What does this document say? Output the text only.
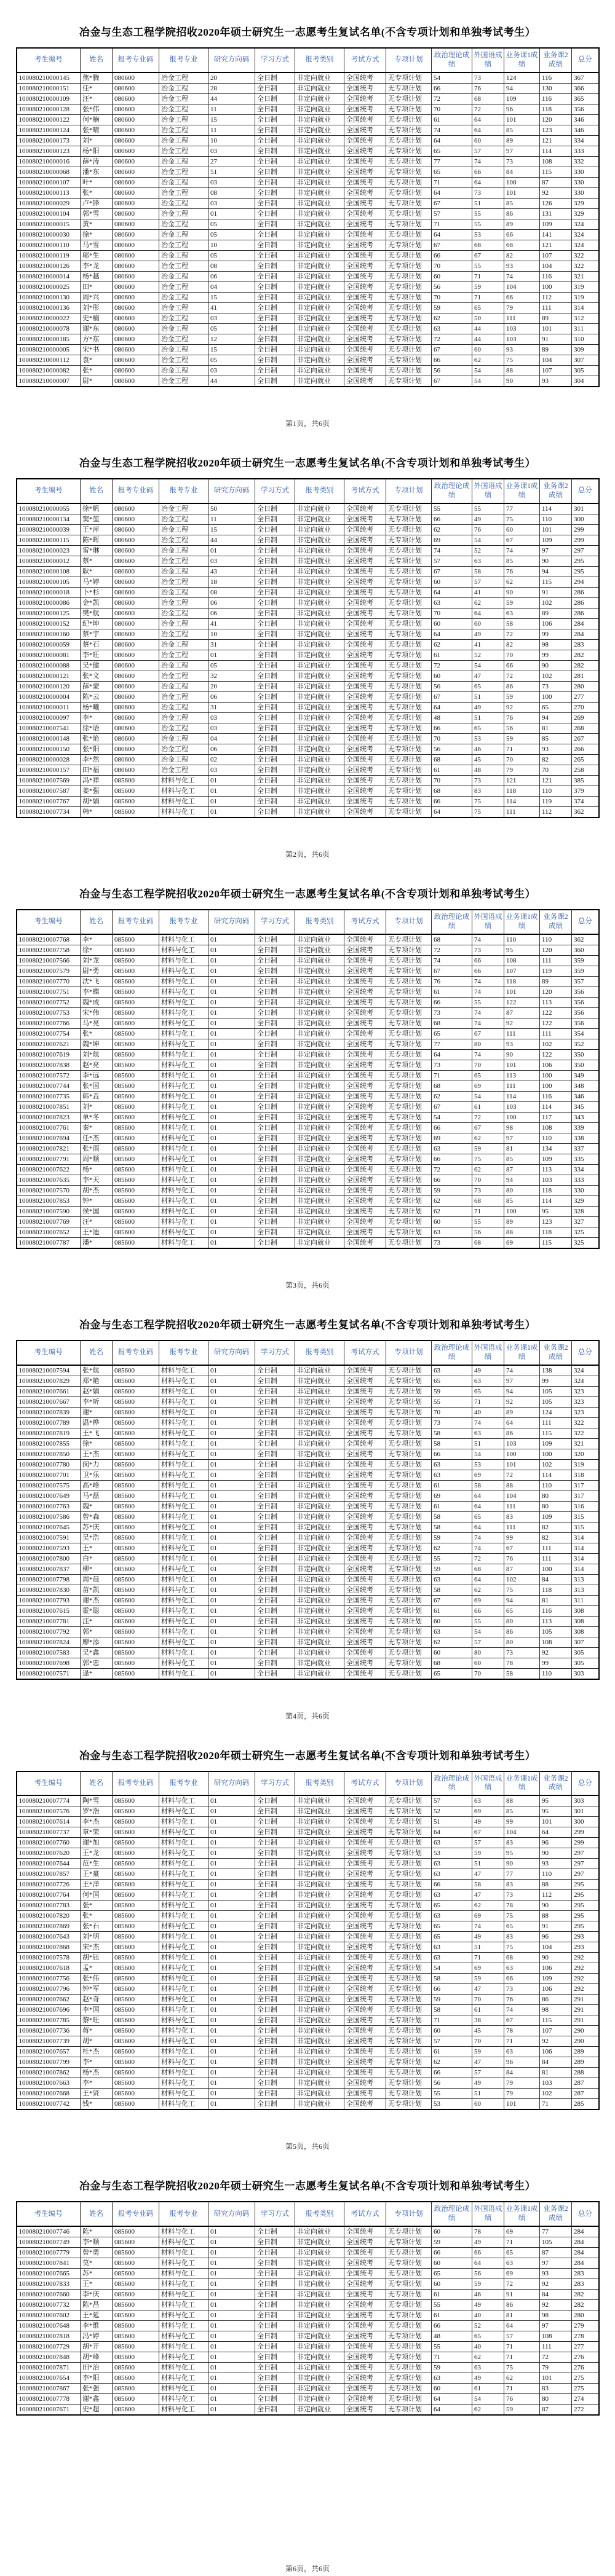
冶金与生态工程学院招收2020年硕士研究生一志愿考生复试名单(不含专项计划和单独考试考生）
考生编号	姓名	报考专业码	报考专业	研究方向码	学习方式	报考类别	考试方式	专项计划	政治理论成绩	外国语成绩	业务课1成绩	业务课2成绩	总分
100080210000145	焦*腾	080600	冶金工程	20	全日制	非定向就业	全国统考	无专项计划	54	73	124	116	367
100080210000151	任*	080600	冶金工程	28	全日制	非定向就业	全国统考	无专项计划	66	76	94	130	366
100080210000109	汪*	080600	冶金工程	44	全日制	非定向就业	全国统考	无专项计划	72	68	109	116	365
100080210000128	张*伟	080600	冶金工程	11	全日制	非定向就业	全国统考	无专项计划	70	72	96	118	356
100080210000122	何*楠	080600	冶金工程	15	全日制	非定向就业	全国统考	无专项计划	61	64	101	120	346
100080210000124	张*晴	080600	冶金工程	11	全日制	非定向就业	全国统考	无专项计划	74	64	85	123	346
100080210000173	刘*	080600	冶金工程	10	全日制	非定向就业	全国统考	无专项计划	64	60	89	121	334
100080210000123	杨*阳	080600	冶金工程	03	全日制	非定向就业	全国统考	无专项计划	65	57	97	114	333
100080210000016	薛*涛	080600	冶金工程	27	全日制	非定向就业	全国统考	无专项计划	77	74	73	108	332
100080210000068	潘*东	080600	冶金工程	51	全日制	非定向就业	全国统考	无专项计划	65	66	84	115	330
100080210000107	叶*	080600	冶金工程	03	全日制	非定向就业	全国统考	无专项计划	71	64	108	87	330
100080210000113	张*	080600	冶金工程	08	全日制	非定向就业	全国统考	无专项计划	64	73	101	92	330
100080210000029	卢*锋	080600	冶金工程	03	全日制	非定向就业	全国统考	无专项计划	67	51	85	126	329
100080210000104	郭*雪	080600	冶金工程	01	全日制	非定向就业	全国统考	无专项计划	57	55	86	131	329
100080210000015	黄*	080600	冶金工程	05	全日制	非定向就业	全国统考	无专项计划	71	55	89	109	324
100080210000030	徐*	080600	冶金工程	05	全日制	非定向就业	全国统考	无专项计划	64	53	66	141	324
100080210000110	马*雪	080600	冶金工程	10	全日制	非定向就业	全国统考	无专项计划	67	68	68	121	324
100080210000119	邬*生	080600	冶金工程	05	全日制	非定向就业	全国统考	无专项计划	66	67	82	107	322
100080210000126	李*龙	080600	冶金工程	08	全日制	非定向就业	全国统考	无专项计划	70	55	93	104	322
100080210000014	杨*越	080600	冶金工程	06	全日制	非定向就业	全国统考	无专项计划	60	71	74	116	321
100080210000025	田*	080600	冶金工程	04	全日制	非定向就业	全国统考	无专项计划	56	59	104	100	319
100080210000130	周*兴	080600	冶金工程	15	全日制	非定向就业	全国统考	无专项计划	70	71	66	112	319
100080210000136	刘*彤	080600	冶金工程	41	全日制	非定向就业	全国统考	无专项计划	59	65	79	111	314
100080210000022	史*楠	080600	冶金工程	03	全日制	非定向就业	全国统考	无专项计划	62	50	111	89	312
100080210000078	谢*东	080600	冶金工程	05	全日制	非定向就业	全国统考	无专项计划	63	44	103	101	311
100080210000185	方*东	080600	冶金工程	12	全日制	非定向就业	全国统考	无专项计划	72	44	103	91	310
100080210000005	宋*书	080600	冶金工程	15	全日制	非定向就业	全国统考	无专项计划	67	60	93	89	309
100080210000112	袁*	080600	冶金工程	05	全日制	非定向就业	全国统考	无专项计划	66	62	75	104	307
100080210000082	张*	080600	冶金工程	03	全日制	非定向就业	全国统考	无专项计划	56	54	88	107	305
100080210000007	尉*	080600	冶金工程	44	全日制	非定向就业	全国统考	无专项计划	67	54	90	93	304
第1页，共6页
冶金与生态工程学院招收2020年硕士研究生一志愿考生复试名单(不含专项计划和单独考试考生）
考生编号	姓名	报考专业码	报考专业	研究方向码	学习方式	报考类别	考试方式	专项计划	政治理论成绩	外国语成绩	业务课1成绩	业务课2成绩	总分
100080210000055	徐*帆	080600	冶金工程	50	全日制	非定向就业	全国统考	无专项计划	55	55	77	114	301
100080210000134	窦*堃	080600	冶金工程	11	全日制	非定向就业	全国统考	无专项计划	66	49	75	110	300
100080210000039	王*萍	080600	冶金工程	15	全日制	非定向就业	全国统考	无专项计划	62	76	60	101	299
100080210000115	陈*晖	080600	冶金工程	44	全日制	非定向就业	全国统考	无专项计划	69	54	67	109	299
100080210000023	雷*琳	080600	冶金工程	01	全日制	非定向就业	全国统考	无专项计划	74	52	74	97	297
100080210000012	蔡*	080600	冶金工程	03	全日制	非定向就业	全国统考	无专项计划	57	63	85	90	295
100080210000108	耿*	080600	冶金工程	43	全日制	非定向就业	全国统考	无专项计划	67	58	76	94	295
100080210000105	马*婷	080600	冶金工程	18	全日制	非定向就业	全国统考	无专项计划	60	57	62	115	294
100080210000018	卜*杉	080600	冶金工程	08	全日制	非定向就业	全国统考	无专项计划	64	41	90	91	286
100080210000086	金*凯	080600	冶金工程	06	全日制	非定向就业	全国统考	无专项计划	63	62	59	102	286
100080210000125	樊*航	080600	冶金工程	06	全日制	非定向就业	全国统考	无专项计划	70	64	63	89	286
100080210000152	纪*坤	080600	冶金工程	41	全日制	非定向就业	全国统考	无专项计划	60	60	58	106	284
100080210000160	蔡*宇	080600	冶金工程	10	全日制	非定向就业	全国统考	无专项计划	64	49	72	99	284
100080210000059	蔡*石	080600	冶金工程	31	全日制	非定向就业	全国统考	无专项计划	62	41	82	98	283
100080210000081	李*旺	080600	冶金工程	01	全日制	非定向就业	全国统考	无专项计划	61	52	70	99	282
100080210000088	吴*健	080600	冶金工程	05	全日制	非定向就业	全国统考	无专项计划	72	54	66	90	282
100080210000121	张*文	080600	冶金工程	32	全日制	非定向就业	全国统考	无专项计划	60	47	72	102	281
100080210000120	薛*蒙	080600	冶金工程	20	全日制	非定向就业	全国统考	无专项计划	56	65	86	73	280
100080210000004	陈*云	080600	冶金工程	06	全日制	非定向就业	全国统考	无专项计划	67	51	59	100	277
100080210000011	杨*曦	080600	冶金工程	31	全日制	非定向就业	全国统考	无专项计划	64	49	92	65	270
100080210000097	李*	080600	冶金工程	03	全日制	非定向就业	全国统考	无专项计划	48	51	76	94	269
100080210007541	徐*语	080600	冶金工程	03	全日制	非定向就业	全国统考	无专项计划	66	65	56	81	268
100080210000148	张*艳	080600	冶金工程	04	全日制	非定向就业	全国统考	无专项计划	70	53	59	85	267
100080210000150	张*阳	080600	冶金工程	06	全日制	非定向就业	全国统考	无专项计划	56	46	71	93	266
100080210000028	李*然	080600	冶金工程	02	全日制	非定向就业	全国统考	无专项计划	68	45	70	82	265
100080210000157	田*福	080600	冶金工程	03	全日制	非定向就业	全国统考	无专项计划	61	48	79	70	258
100080210007569	冯*祥	085600	材料与化工	01	全日制	非定向就业	全国统考	无专项计划	70	73	121	121	385
100080210007587	姜*强	085600	材料与化工	01	全日制	非定向就业	全国统考	无专项计划	68	83	118	110	379
100080210007767	胡*娟	085600	材料与化工	01	全日制	非定向就业	全国统考	无专项计划	66	75	114	119	374
100080210007734	韩*	085600	材料与化工	01	全日制	非定向就业	全国统考	无专项计划	64	75	111	112	362
第2页，共6页
冶金与生态工程学院招收2020年硕士研究生一志愿考生复试名单(不含专项计划和单独考试考生）
考生编号	姓名	报考专业码	报考专业	研究方向码	学习方式	报考类别	考试方式	专项计划	政治理论成绩	外国语成绩	业务课1成绩	业务课2成绩	总分
100080210007768	李*	085600	材料与化工	01	全日制	非定向就业	全国统考	无专项计划	68	74	110	110	362
100080210007758	徐*	085600	材料与化工	01	全日制	非定向就业	全国统考	无专项计划	72	73	95	120	360
100080210007566	刘*龙	085600	材料与化工	01	全日制	非定向就业	全国统考	无专项计划	74	66	108	111	359
100080210007579	尉*勇	085600	材料与化工	01	全日制	非定向就业	全国统考	无专项计划	67	66	107	119	359
100080210007770	沈*飞	085600	材料与化工	01	全日制	非定向就业	全国统考	无专项计划	76	74	118	89	357
100080210007751	李*蝶	085600	材料与化工	01	全日制	非定向就业	全国统考	无专项计划	61	74	101	120	356
100080210007752	魏*成	085600	材料与化工	01	全日制	非定向就业	全国统考	无专项计划	66	55	122	113	356
100080210007753	宋*伟	085600	材料与化工	01	全日制	非定向就业	全国统考	无专项计划	73	74	87	122	356
100080210007766	马*亮	085600	材料与化工	01	全日制	非定向就业	全国统考	无专项计划	68	74	92	122	356
100080210007754	张*	085600	材料与化工	01	全日制	非定向就业	全国统考	无专项计划	65	67	111	111	354
100080210007621	魏*坤	085600	材料与化工	01	全日制	非定向就业	全国统考	无专项计划	77	80	93	102	352
100080210007619	刘*航	085600	材料与化工	01	全日制	非定向就业	全国统考	无专项计划	64	74	90	122	350
100080210007838	赵*亮	085600	材料与化工	01	全日制	非定向就业	全国统考	无专项计划	73	70	101	106	350
100080210007572	李*远	085600	材料与化工	01	全日制	非定向就业	全国统考	无专项计划	71	65	113	100	349
100080210007744	张*国	085600	材料与化工	01	全日制	非定向就业	全国统考	无专项计划	68	69	111	100	348
100080210007735	韩*垚	085600	材料与化工	01	全日制	非定向就业	全国统考	无专项计划	62	54	114	116	346
100080210007851	刘*	085600	材料与化工	01	全日制	非定向就业	全国统考	无专项计划	67	61	103	114	345
100080210007823	单*冬	085600	材料与化工	01	全日制	非定向就业	全国统考	无专项计划	54	72	100	117	343
100080210007761	秦*	085600	材料与化工	01	全日制	非定向就业	全国统考	无专项计划	66	67	98	108	339
100080210007694	任*杰	085600	材料与化工	01	全日制	非定向就业	全国统考	无专项计划	69	62	97	110	338
100080210007821	张*雨	085600	材料与化工	01	全日制	非定向就业	全国统考	无专项计划	63	59	81	134	337
100080210007791	周*顺	085600	材料与化工	01	全日制	非定向就业	全国统考	无专项计划	66	75	85	109	335
100080210007622	杨*	085600	材料与化工	01	全日制	非定向就业	全国统考	无专项计划	72	62	87	113	334
100080210007635	李*天	085600	材料与化工	01	全日制	非定向就业	全国统考	无专项计划	66	70	94	103	333
100080210007570	胡*杰	085600	材料与化工	01	全日制	非定向就业	全国统考	无专项计划	59	73	80	118	330
100080210007853	钟*	085600	材料与化工	01	全日制	非定向就业	全国统考	无专项计划	62	68	85	114	329
100080210007590	侯*国	085600	材料与化工	01	全日制	非定向就业	全国统考	无专项计划	62	71	100	95	328
100080210007769	汪*	085600	材料与化工	01	全日制	非定向就业	全国统考	无专项计划	60	55	89	123	327
100080210007652	王*迪	085600	材料与化工	01	全日制	非定向就业	全国统考	无专项计划	63	56	88	118	325
100080210007787	潘*	085600	材料与化工	01	全日制	非定向就业	全国统考	无专项计划	73	68	69	115	325
第3页，共6页
冶金与生态工程学院招收2020年硕士研究生一志愿考生复试名单(不含专项计划和单独考试考生）
考生编号	姓名	报考专业码	报考专业	研究方向码	学习方式	报考类别	考试方式	专项计划	政治理论成绩	外国语成绩	业务课1成绩	业务课2成绩	总分
100080210007594	张*航	085600	材料与化工	01	全日制	非定向就业	全国统考	无专项计划	63	49	74	138	324
100080210007829	郑*艳	085600	材料与化工	01	全日制	非定向就业	全国统考	无专项计划	65	63	97	99	324
100080210007661	赵*娟	085600	材料与化工	01	全日制	非定向就业	全国统考	无专项计划	59	65	94	105	323
100080210007667	李*昕	085600	材料与化工	01	全日制	非定向就业	全国统考	无专项计划	55	71	92	105	323
100080210007839	谢*	085600	材料与化工	01	全日制	非定向就业	全国统考	无专项计划	70	40	89	124	323
100080210007789	温*桦	085600	材料与化工	01	全日制	非定向就业	全国统考	无专项计划	73	74	64	111	322
100080210007819	王*飞	085600	材料与化工	01	全日制	非定向就业	全国统考	无专项计划	58	63	86	115	322
100080210007855	徐*	085600	材料与化工	01	全日制	非定向就业	全国统考	无专项计划	58	51	103	109	321
100080210007850	王*杰	085600	材料与化工	01	全日制	非定向就业	全国统考	无专项计划	66	54	100	100	320
100080210007780	闵*力	085600	材料与化工	01	全日制	非定向就业	全国统考	无专项计划	63	53	101	102	319
100080210007701	卫*乐	085600	材料与化工	01	全日制	非定向就业	全国统考	无专项计划	63	69	72	114	318
100080210007575	高*峰	085600	材料与化工	01	全日制	非定向就业	全国统考	无专项计划	61	58	88	110	317
100080210007649	马*磊	085600	材料与化工	01	全日制	非定向就业	全国统考	无专项计划	69	64	104	80	317
100080210007763	魏*	085600	材料与化工	01	全日制	非定向就业	全国统考	无专项计划	61	64	111	80	316
100080210007586	曾*森	085600	材料与化工	01	全日制	非定向就业	全国统考	无专项计划	58	65	83	109	315
100080210007645	苏*庆	085600	材料与化工	01	全日制	非定向就业	全国统考	无专项计划	58	64	111	82	315
100080210007591	吴*浩	085600	材料与化工	01	全日制	非定向就业	全国统考	无专项计划	59	74	99	82	314
100080210007593	王*	085600	材料与化工	01	全日制	非定向就业	全国统考	无专项计划	62	74	67	111	314
100080210007800	白*	085600	材料与化工	01	全日制	非定向就业	全国统考	无专项计划	55	72	76	111	314
100080210007837	柳*	085600	材料与化工	01	全日制	非定向就业	全国统考	无专项计划	59	68	87	100	314
100080210007798	周*晨	085600	材料与化工	01	全日制	非定向就业	全国统考	无专项计划	63	64	102	84	313
100080210007830	苗*凯	085600	材料与化工	01	全日制	非定向就业	全国统考	无专项计划	58	62	75	118	313
100080210007793	谢*杰	085600	材料与化工	01	全日制	非定向就业	全国统考	无专项计划	67	69	94	81	311
100080210007615	霍*聪	085600	材料与化工	01	全日制	非定向就业	全国统考	无专项计划	61	66	65	116	308
100080210007781	汪*	085600	材料与化工	01	全日制	非定向就业	全国统考	无专项计划	60	55	80	113	308
100080210007792	郭*	085600	材料与化工	01	全日制	非定向就业	全国统考	无专项计划	63	54	86	105	308
100080210007824	廖*添	085600	材料与化工	01	全日制	非定向就业	全国统考	无专项计划	62	57	80	108	307
100080210007583	吴*鑫	085600	材料与化工	01	全日制	非定向就业	全国统考	无专项计划	60	80	73	92	305
100080210007698	郭*忠	085600	材料与化工	01	全日制	非定向就业	全国统考	无专项计划	68	60	78	99	305
100080210007571	逯*	085600	材料与化工	01	全日制	非定向就业	全国统考	无专项计划	65	70	58	110	303
第4页，共6页
冶金与生态工程学院招收2020年硕士研究生一志愿考生复试名单(不含专项计划和单独考试考生）
考生编号	姓名	报考专业码	报考专业	研究方向码	学习方式	报考类别	考试方式	专项计划	政治理论成绩	外国语成绩	业务课1成绩	业务课2成绩	总分
100080210007774	陶*雪	085600	材料与化工	01	全日制	非定向就业	全国统考	无专项计划	57	63	88	95	303
100080210007576	罗*浩	085600	材料与化工	01	全日制	非定向就业	全国统考	无专项计划	52	69	85	95	301
100080210007614	李*杰	085600	材料与化工	01	全日制	非定向就业	全国统考	无专项计划	51	49	99	101	300
100080210007737	章*荣	085600	材料与化工	01	全日制	非定向就业	全国统考	无专项计划	64	67	104	64	299
100080210007760	谢*加	085600	材料与化工	01	全日制	非定向就业	全国统考	无专项计划	63	57	83	96	299
100080210007620	王*龙	085600	材料与化工	01	全日制	非定向就业	全国统考	无专项计划	53	59	95	90	297
100080210007644	范*生	085600	材料与化工	01	全日制	非定向就业	全国统考	无专项计划	63	51	90	93	297
100080210007857	王*豪	085600	材料与化工	01	全日制	非定向就业	全国统考	无专项计划	63	47	77	110	297
100080210007726	王*洋	085600	材料与化工	01	全日制	非定向就业	全国统考	无专项计划	66	58	83	88	295
100080210007764	何*国	085600	材料与化工	01	全日制	非定向就业	全国统考	无专项计划	63	47	73	112	295
100080210007783	张*	085600	材料与化工	01	全日制	非定向就业	全国统考	无专项计划	65	62	78	90	295
100080210007820	张*	085600	材料与化工	01	全日制	非定向就业	全国统考	无专项计划	63	69	75	88	295
100080210007869	张*石	085600	材料与化工	01	全日制	非定向就业	全国统考	无专项计划	65	74	65	91	295
100080210007643	刘*明	085600	材料与化工	01	全日制	非定向就业	全国统考	无专项计划	65	49	83	96	293
100080210007868	宋*杰	085600	材料与化工	01	全日制	非定向就业	全国统考	无专项计划	63	51	75	104	293
100080210007578	胡*钰	085600	材料与化工	01	全日制	非定向就业	全国统考	无专项计划	63	71	68	90	292
100080210007618	孟*	085600	材料与化工	01	全日制	非定向就业	全国统考	无专项计划	54	69	63	106	292
100080210007756	张*伟	085600	材料与化工	01	全日制	非定向就业	全国统考	无专项计划	58	59	66	109	292
100080210007796	钟*军	085600	材料与化工	01	全日制	非定向就业	全国统考	无专项计划	66	47	73	106	292
100080210007662	赵*奇	085600	材料与化工	01	全日制	非定向就业	全国统考	无专项计划	59	70	76	86	291
100080210007696	李*国	085600	材料与化工	01	全日制	非定向就业	全国统考	无专项计划	58	61	74	98	291
100080210007785	黎*旺	085600	材料与化工	01	全日制	非定向就业	全国统考	无专项计划	71	38	67	115	291
100080210007736	蒋*	085600	材料与化工	01	全日制	非定向就业	全国统考	无专项计划	60	45	78	107	290
100080210007739	胡*	085600	材料与化工	01	全日制	非定向就业	全国统考	无专项计划	57	70	71	92	290
100080210007657	杜*杰	085600	材料与化工	01	全日制	非定向就业	全国统考	无专项计划	61	59	63	106	289
100080210007799	李*	085600	材料与化工	01	全日制	非定向就业	全国统考	无专项计划	62	47	96	84	289
100080210007862	杨*杰	085600	材料与化工	01	全日制	非定向就业	全国统考	无专项计划	66	57	84	81	288
100080210007663	李*	085600	材料与化工	01	全日制	非定向就业	全国统考	无专项计划	56	49	79	103	287
100080210007668	王*贤	085600	材料与化工	01	全日制	非定向就业	全国统考	无专项计划	55	51	79	102	287
100080210007742	钱*	085600	材料与化工	01	全日制	非定向就业	全国统考	无专项计划	53	60	101	71	285
第5页，共6页
冶金与生态工程学院招收2020年硕士研究生一志愿考生复试名单(不含专项计划和单独考试考生）
考生编号	姓名	报考专业码	报考专业	研究方向码	学习方式	报考类别	考试方式	专项计划	政治理论成绩	外国语成绩	业务课1成绩	业务课2成绩	总分
100080210007746	陈*	085600	材料与化工	01	全日制	非定向就业	全国统考	无专项计划	60	78	69	77	284
100080210007749	李*顺	085600	材料与化工	01	全日制	非定向就业	全国统考	无专项计划	59	49	71	105	284
100080210007779	曾*勇	085600	材料与化工	01	全日制	非定向就业	全国统考	无专项计划	66	66	65	87	284
100080210007841	莫*	085600	材料与化工	01	全日制	非定向就业	全国统考	无专项计划	60	64	63	97	284
100080210007665	苏*	085600	材料与化工	01	全日制	非定向就业	全国统考	无专项计划	65	56	69	93	283
100080210007833	王*	085600	材料与化工	01	全日制	非定向就业	全国统考	无专项计划	60	59	72	92	283
100080210007660	李*庆	085600	材料与化工	01	全日制	非定向就业	全国统考	无专项计划	61	46	91	84	282
100080210007732	陈*昌	085600	材料与化工	01	全日制	非定向就业	全国统考	无专项计划	55	49	86	92	282
100080210007602	王*延	085600	材料与化工	01	全日制	非定向就业	全国统考	无专项计划	61	40	81	98	280
100080210007648	李*维	085600	材料与化工	01	全日制	非定向就业	全国统考	无专项计划	66	52	64	97	279
100080210007818	冯*婷	085600	材料与化工	01	全日制	非定向就业	全国统考	无专项计划	48	65	57	108	278
100080210007729	胡*开	085600	材料与化工	01	全日制	非定向就业	全国统考	无专项计划	55	40	71	111	277
100080210007848	胡*峰	085600	材料与化工	01	全日制	非定向就业	全国统考	无专项计划	71	62	71	72	276
100080210007871	田*治	085600	材料与化工	01	全日制	非定向就业	全国统考	无专项计划	59	63	75	79	276
100080210007654	李*阳	085600	材料与化工	01	全日制	非定向就业	全国统考	无专项计划	63	49	62	101	275
100080210007867	张*强	085600	材料与化工	01	全日制	非定向就业	全国统考	无专项计划	60	61	71	83	275
100080210007778	谢*鑫	085600	材料与化工	01	全日制	非定向就业	全国统考	无专项计划	64	54	76	80	274
100080210007671	史*超	085600	材料与化工	01	全日制	非定向就业	全国统考	无专项计划	64	62	59	87	272
第6页，共6页
